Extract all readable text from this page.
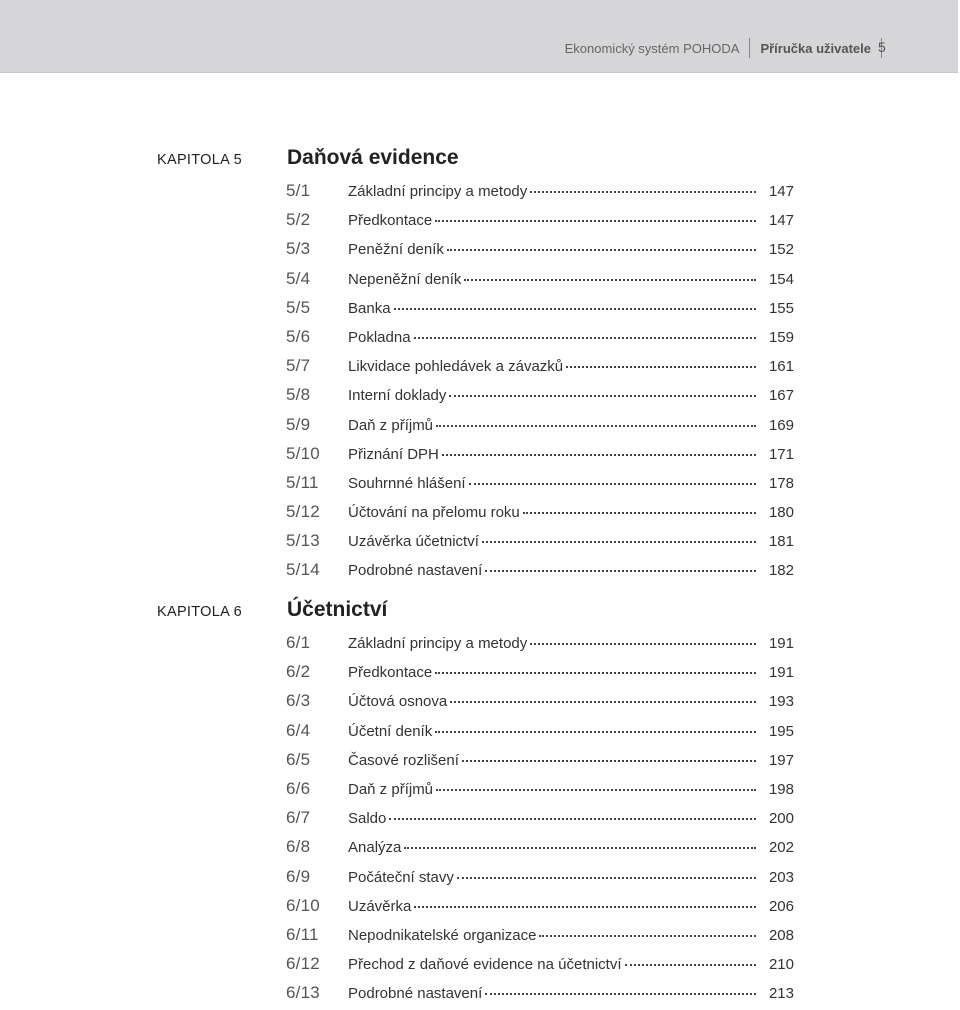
Ekonomický systém POHODA Příručka uživatele 5
KAPITOLA 5 Daňová evidence
5/1	Základní principy a metody	147
5/2	Předkontace	147
5/3	Peněžní deník	152
5/4	Nepeněžní deník	154
5/5	Banka	155
5/6	Pokladna	159
5/7	Likvidace pohledávek a závazků	161
5/8	Interní doklady	167
5/9	Daň z příjmů	169
5/10 Přiznání DPH	171
5/11 Souhrnné hlášení	178
5/12 Účtování na přelomu roku	180
5/13 Uzávěrka účetnictví	181
5/14 Podrobné nastavení	182
KAPITOLA 6 Účetnictví
6/1	Základní principy a metody	191
6/2	Předkontace	191
6/3	Účtová osnova	193
6/4	Účetní deník	195
6/5	Časové rozlišení	197
6/6	Daň z příjmů	198
6/7	Saldo	200
6/8	Analýza	202
6/9	Počáteční stavy	203
6/10 Uzávěrka	206
6/11 Nepodnikatelské organizace	208
6/12 Přechod z daňové evidence na účetnictví	210
6/13 Podrobné nastavení	213
